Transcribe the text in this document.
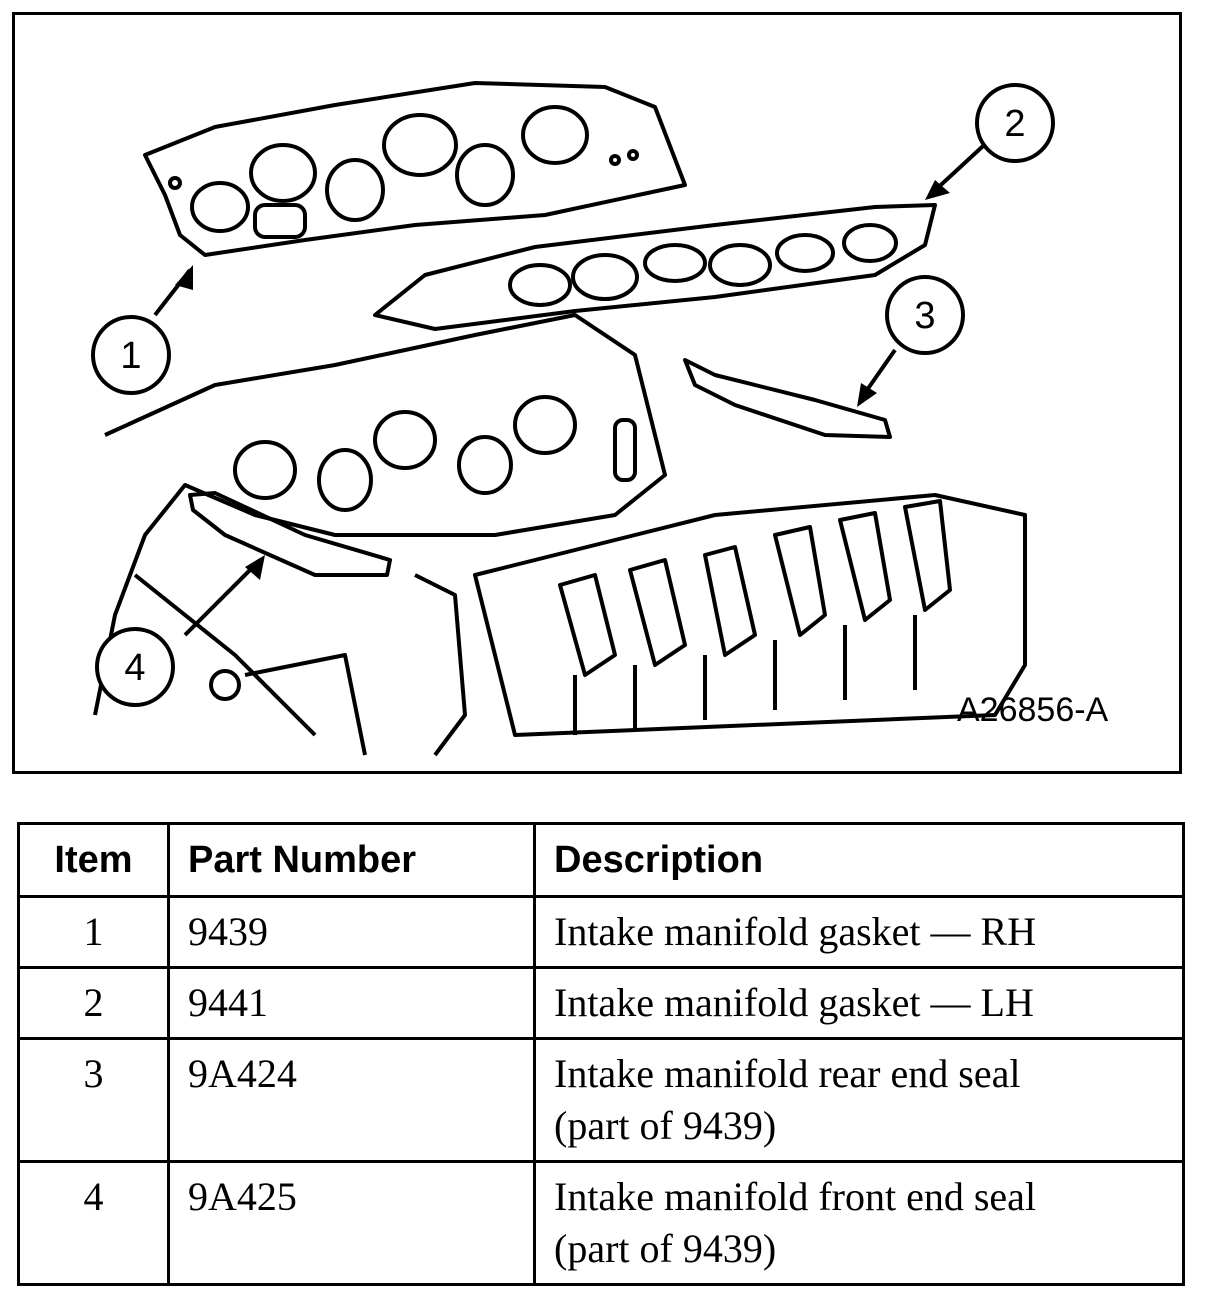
1
2
3
4
A26856-A
Item	Part Number	Description
1	9439	Intake manifold gasket — RH

2	9441	Intake manifold gasket — LH

3	9A424	Intake manifold rear end seal
(part of 9439)

4	9A425	Intake manifold front end seal
(part of 9439)
